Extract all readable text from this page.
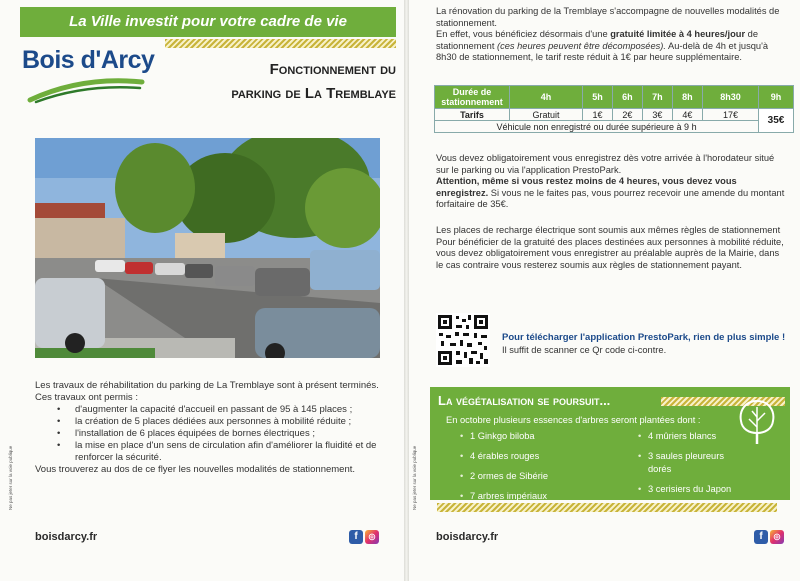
La Ville investit pour votre cadre de vie
Bois d'Arcy	Fonctionnement du
parking de La Tremblaye

Les travaux de réhabilitation du parking de La Tremblaye sont à présent terminés.

Ces travaux ont permis :

• d'augmenter la capacité d'accueil en passant de 95 à 145 places ;
• la création de 5 places dédiées aux personnes à mobilité réduite ;
• l'installation de 6 places équipées de bornes électriques ;
• la mise en place d'un sens de circulation afin d'améliorer la fluidité et de renforcer la sécurité.

Vous trouverez au dos de ce flyer les nouvelles modalités de stationnement.

Ne pas jeter sur la voie publique
boisdarcy.fr	f	◎

La rénovation du parking de la Tremblaye s'accompagne de nouvelles modalités de stationnement.

En effet, vous bénéficiez désormais d'une gratuité limitée à 4 heures/jour de stationnement (ces heures peuvent être décomposées). Au-delà de 4h et jusqu'à 8h30 de stationnement, le tarif reste réduit à 1€ par heure supplémentaire.

Durée de
stationnement	4h	5h	6h	7h	8h	8h30	9h
Tarifs	Gratuit	1€	2€	3€	4€	17€	35€
Véhicule non enregistré ou durée supérieure à 9 h							

Vous devez obligatoirement vous enregistrez dès votre arrivée à l'horodateur situé sur le parking ou via l'application PrestoPark.

Attention, même si vous restez moins de 4 heures, vous devez vous enregistrez. Si vous ne le faites pas, vous pourrez recevoir une amende du montant forfaitaire de 35€.

Les places de recharge électrique sont soumis aux mêmes règles de stationnement

Pour bénéficier de la gratuité des places destinées aux personnes à mobilité réduite, vous devez obligatoirement vous enregistrer au préalable auprès de la Mairie, dans le cas contraire vous resterez soumis aux règles de stationnement payant.

Pour télécharger l'application PrestoPark, rien de plus simple !
Il suffit de scanner ce Qr code ci-contre.
La végétalisation se poursuit...
En octobre plusieurs essences d'arbres seront plantées dont :
• 1 Ginkgo biloba
• 4 érables rouges
• 2 ormes de Sibérie
• 7 arbres impériaux
• 4 mûriers blancs
• 3 saules pleureurs dorés
• 3 cerisiers du Japon
Ne pas jeter sur la voie publique
boisdarcy.fr	f	◎
